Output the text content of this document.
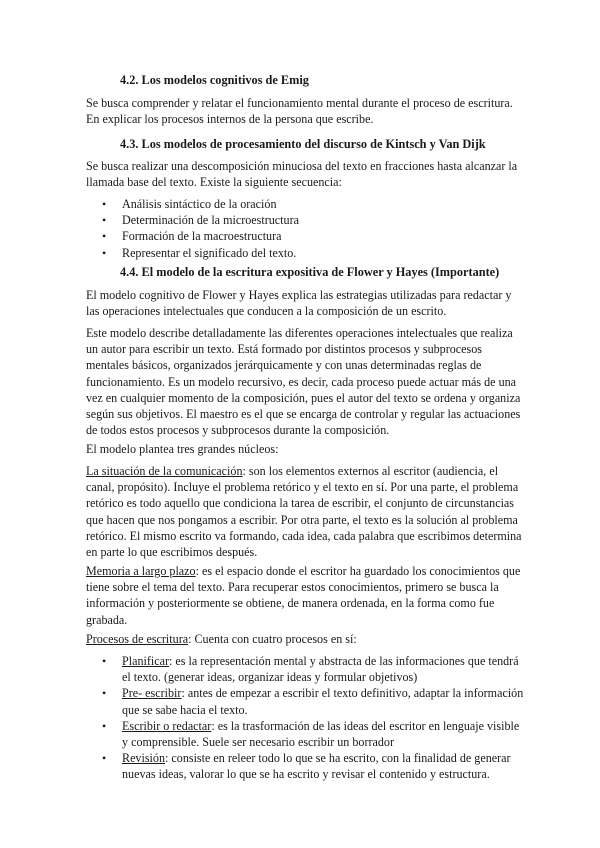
4.2. Los modelos cognitivos de Emig

Se busca comprender y relatar el funcionamiento mental durante el proceso de escritura. En explicar los procesos internos de la persona que escribe.

4.3. Los modelos de procesamiento del discurso de Kintsch y Van Dijk

Se busca realizar una descomposición minuciosa del texto en fracciones hasta alcanzar la llamada base del texto. Existe la siguiente secuencia:

• Análisis sintáctico de la oración
• Determinación de la microestructura
• Formación de la macroestructura
• Representar el significado del texto.
4.4. El modelo de la escritura expositiva de Flower y Hayes (Importante)

El modelo cognitivo de Flower y Hayes explica las estrategias utilizadas para redactar y las operaciones intelectuales que conducen a la composición de un escrito.

Este modelo describe detalladamente las diferentes operaciones intelectuales que realiza un autor para escribir un texto. Está formado por distintos procesos y subprocesos mentales básicos, organizados jerárquicamente y con unas determinadas reglas de funcionamiento. Es un modelo recursivo, es decir, cada proceso puede actuar más de una vez en cualquier momento de la composición, pues el autor del texto se ordena y organiza según sus objetivos. El maestro es el que se encarga de controlar y regular las actuaciones de todos estos procesos y subprocesos durante la composición.

El modelo plantea tres grandes núcleos:

La situación de la comunicación: son los elementos externos al escritor (audiencia, el canal, propósito). Incluye el problema retórico y el texto en sí. Por una parte, el problema retórico es todo aquello que condiciona la tarea de escribir, el conjunto de circunstancias que hacen que nos pongamos a escribir. Por otra parte, el texto es la solución al problema retórico. El mismo escrito va formando, cada idea, cada palabra que escribimos determina en parte lo que escribimos después.

Memoria a largo plazo: es el espacio donde el escritor ha guardado los conocimientos que tiene sobre el tema del texto. Para recuperar estos conocimientos, primero se busca la información y posteriormente se obtiene, de manera ordenada, en la forma como fue grabada.

Procesos de escritura: Cuenta con cuatro procesos en sí:

• Planificar: es la representación mental y abstracta de las informaciones que tendrá el texto. (generar ideas, organizar ideas y formular objetivos)
• Pre- escribir: antes de empezar a escribir el texto definitivo, adaptar la información que se sabe hacia el texto.
• Escribir o redactar: es la trasformación de las ideas del escritor en lenguaje visible y comprensible. Suele ser necesario escribir un borrador
• Revisión: consiste en releer todo lo que se ha escrito, con la finalidad de generar nuevas ideas, valorar lo que se ha escrito y revisar el contenido y estructura.
